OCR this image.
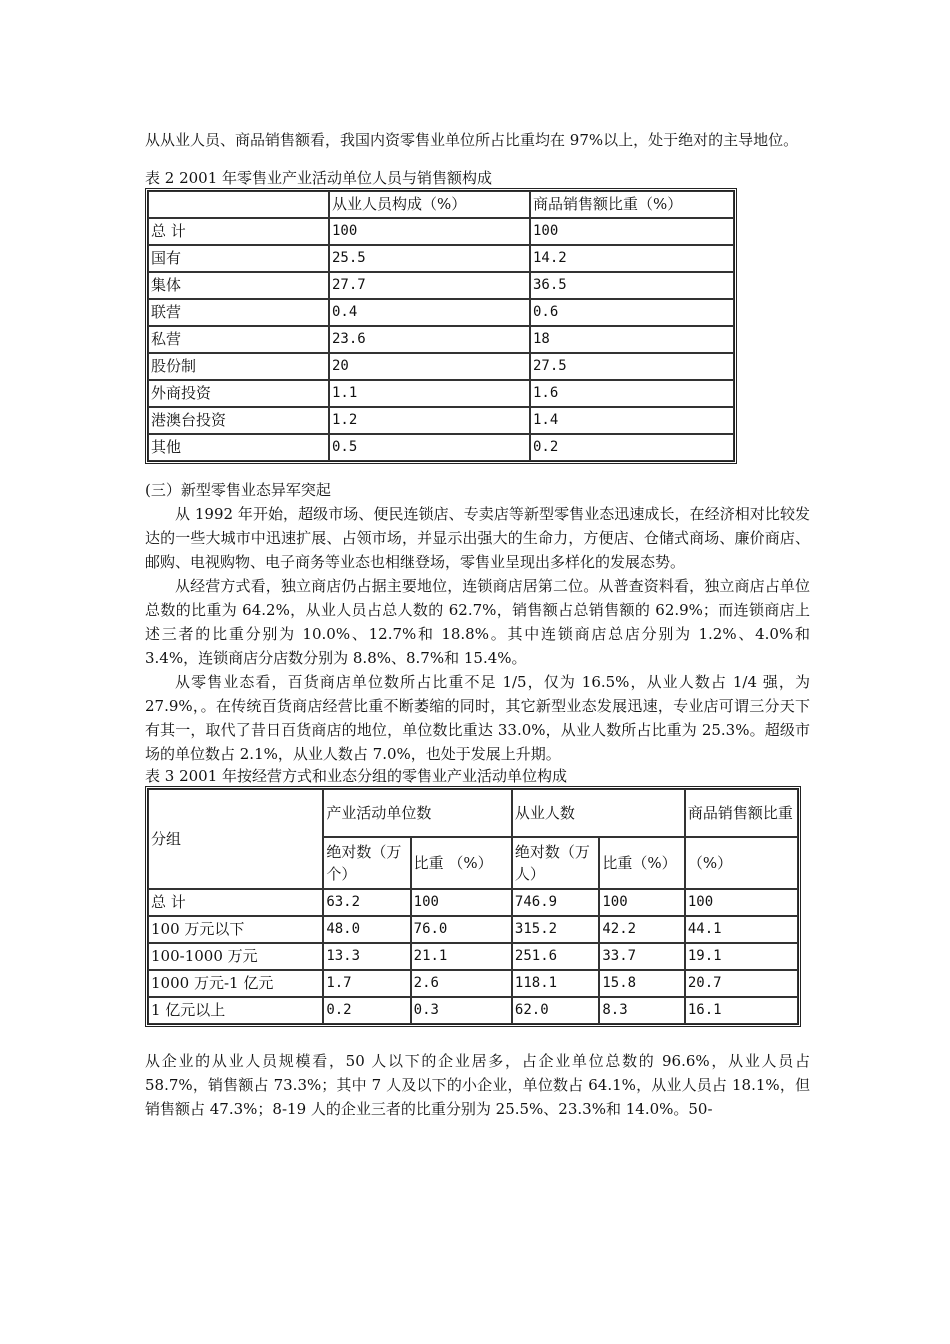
从从业人员、商品销售额看，我国内资零售业单位所占比重均在 97%以上，处于绝对的主导地位。

表 2 2001 年零售业产业活动单位人员与销售额构成

	从业人员构成（%）	商品销售额比重（%）
总 计	100	100
国有	25.5	14.2
集体	27.7	36.5
联营	0.4	0.6
私营	23.6	18
股份制	20	27.5
外商投资	1.1	1.6
港澳台投资	1.2	1.4
其他	0.5	0.2

(三）新型零售业态异军突起

从 1992 年开始，超级市场、便民连锁店、专卖店等新型零售业态迅速成长，在经济相对比较发达的一些大城市中迅速扩展、占领市场，并显示出强大的生命力，方便店、仓储式商场、廉价商店、邮购、电视购物、电子商务等业态也相继登场，零售业呈现出多样化的发展态势。

从经营方式看，独立商店仍占据主要地位，连锁商店居第二位。从普查资料看，独立商店占单位总数的比重为 64.2%，从业人员占总人数的 62.7%，销售额占总销售额的 62.9%；而连锁商店上述三者的比重分别为 10.0%、12.7%和 18.8%。其中连锁商店总店分别为 1.2%、4.0%和 3.4%，连锁商店分店数分别为 8.8%、8.7%和 15.4%。

从零售业态看，百货商店单位数所占比重不足 1/5，仅为 16.5%，从业人数占 1/4 强，为 27.9%，。在传统百货商店经营比重不断萎缩的同时，其它新型业态发展迅速，专业店可谓三分天下有其一，取代了昔日百货商店的地位，单位数比重达 33.0%，从业人数所占比重为 25.3%。超级市场的单位数占 2.1%，从业人数占 7.0%，也处于发展上升期。

表 3 2001 年按经营方式和业态分组的零售业产业活动单位构成

分组	产业活动单位数		从业人数		商品销售额比重
	绝对数（万个）	比重 （%）	绝对数（万人）	比重（%）	（%）
总 计	63.2	100	746.9	100	100
100 万元以下	48.0	76.0	315.2	42.2	44.1
100-1000 万元	13.3	21.1	251.6	33.7	19.1
1000 万元-1 亿元	1.7	2.6	118.1	15.8	20.7
1 亿元以上	0.2	0.3	62.0	8.3	16.1

从企业的从业人员规模看，50 人以下的企业居多，占企业单位总数的 96.6%，从业人员占 58.7%，销售额占 73.3%；其中 7 人及以下的小企业，单位数占 64.1%，从业人员占 18.1%，但销售额占 47.3%；8-19 人的企业三者的比重分别为 25.5%、23.3%和 14.0%。50-
